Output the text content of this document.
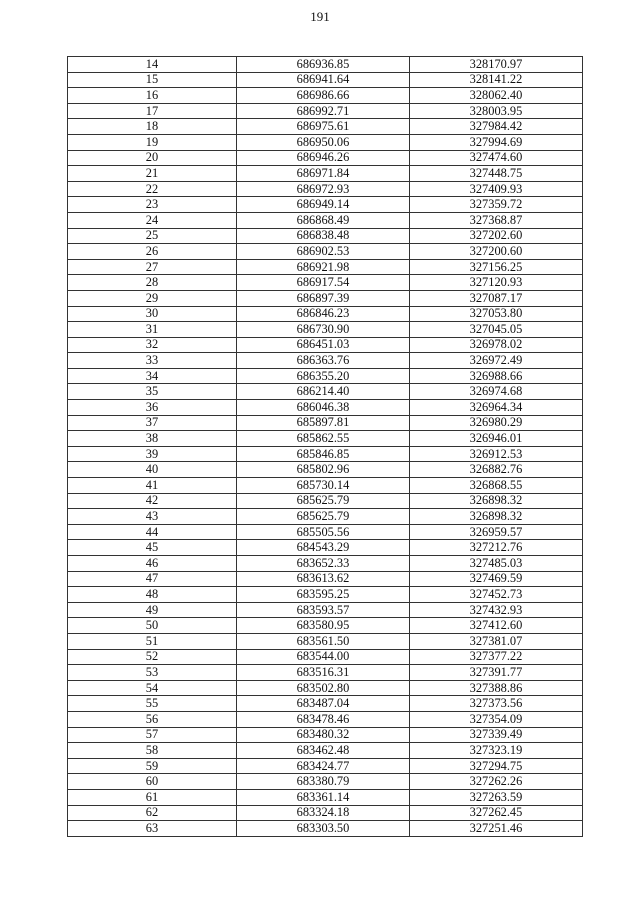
191
14	686936.85	328170.97
15	686941.64	328141.22
16	686986.66	328062.40
17	686992.71	328003.95
18	686975.61	327984.42
19	686950.06	327994.69
20	686946.26	327474.60
21	686971.84	327448.75
22	686972.93	327409.93
23	686949.14	327359.72
24	686868.49	327368.87
25	686838.48	327202.60
26	686902.53	327200.60
27	686921.98	327156.25
28	686917.54	327120.93
29	686897.39	327087.17
30	686846.23	327053.80
31	686730.90	327045.05
32	686451.03	326978.02
33	686363.76	326972.49
34	686355.20	326988.66
35	686214.40	326974.68
36	686046.38	326964.34
37	685897.81	326980.29
38	685862.55	326946.01
39	685846.85	326912.53
40	685802.96	326882.76
41	685730.14	326868.55
42	685625.79	326898.32
43	685625.79	326898.32
44	685505.56	326959.57
45	684543.29	327212.76
46	683652.33	327485.03
47	683613.62	327469.59
48	683595.25	327452.73
49	683593.57	327432.93
50	683580.95	327412.60
51	683561.50	327381.07
52	683544.00	327377.22
53	683516.31	327391.77
54	683502.80	327388.86
55	683487.04	327373.56
56	683478.46	327354.09
57	683480.32	327339.49
58	683462.48	327323.19
59	683424.77	327294.75
60	683380.79	327262.26
61	683361.14	327263.59
62	683324.18	327262.45
63	683303.50	327251.46
